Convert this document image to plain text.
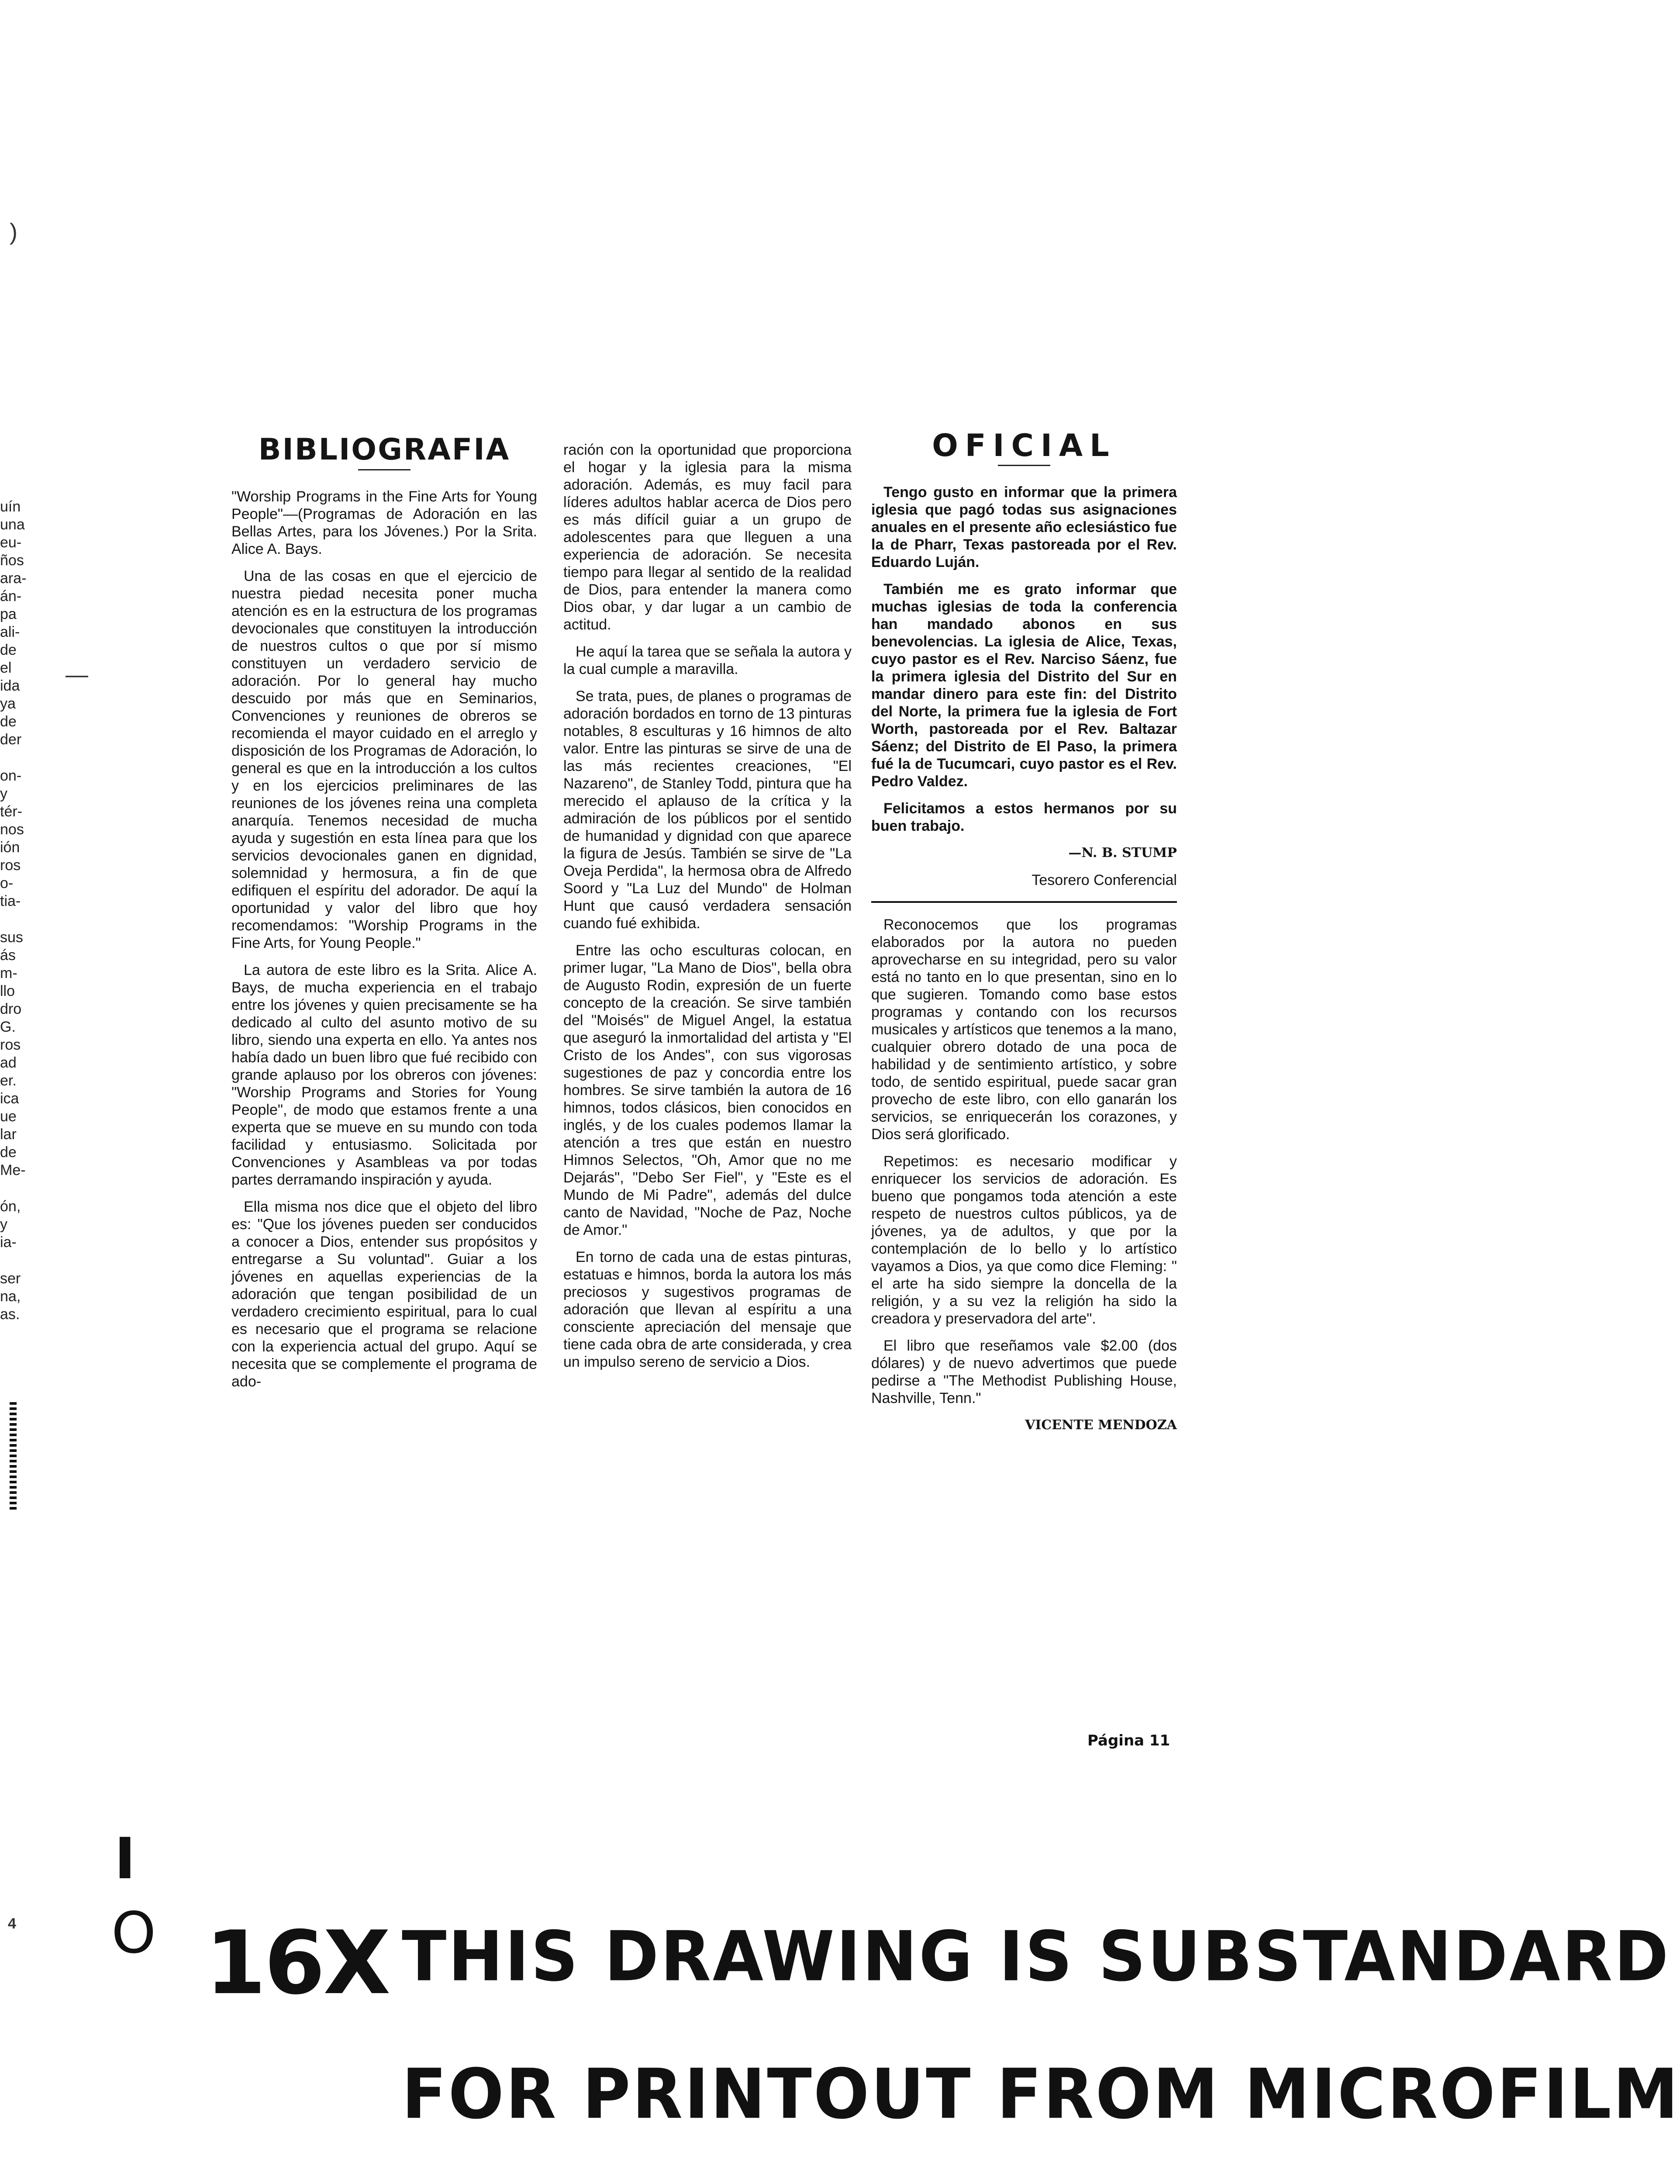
uín
una
eu-
ños
ara-
án-
pa
ali-
de
el
ida
ya
de
der
on-
y
tér-
nos
ión
ros
o-
tia-
sus
ás
m-
llo
dro
G.
ros
ad
er.
ica
ue
lar
de
Me-
ón,
y
ia-
ser
na,
as.
)
—
4
BIBLIOGRAFIA

"Worship Programs in the Fine Arts for Young People"—(Programas de Adoración en las Bellas Artes, para los Jóvenes.) Por la Srita. Alice A. Bays.

Una de las cosas en que el ejercicio de nuestra piedad necesita poner mucha atención es en la estructura de los programas devocionales que constituyen la introducción de nuestros cultos o que por sí mismo constituyen un verdadero servicio de adoración. Por lo general hay mucho descuido por más que en Seminarios, Convenciones y reuniones de obreros se recomienda el mayor cuidado en el arreglo y disposición de los Programas de Adoración, lo general es que en la introducción a los cultos y en los ejercicios preliminares de las reuniones de los jóvenes reina una completa anarquía. Tenemos necesidad de mucha ayuda y sugestión en esta línea para que los servicios devocionales ganen en dignidad, solemnidad y hermosura, a fin de que edifiquen el espíritu del adorador. De aquí la oportunidad y valor del libro que hoy recomendamos: "Worship Programs in the Fine Arts, for Young People."

La autora de este libro es la Srita. Alice A. Bays, de mucha experiencia en el trabajo entre los jóvenes y quien precisamente se ha dedicado al culto del asunto motivo de su libro, siendo una experta en ello. Ya antes nos había dado un buen libro que fué recibido con grande aplauso por los obreros con jóvenes: "Worship Programs and Stories for Young People", de modo que estamos frente a una experta que se mueve en su mundo con toda facilidad y entusiasmo. Solicitada por Convenciones y Asambleas va por todas partes derramando inspiración y ayuda.

Ella misma nos dice que el objeto del libro es: "Que los jóvenes pueden ser conducidos a conocer a Dios, entender sus propósitos y entregarse a Su voluntad". Guiar a los jóvenes en aquellas experiencias de la adoración que tengan posibilidad de un verdadero crecimiento espiritual, para lo cual es necesario que el programa se relacione con la experiencia actual del grupo. Aquí se necesita que se complemente el programa de ado-

ración con la oportunidad que proporciona el hogar y la iglesia para la misma adoración. Además, es muy facil para líderes adultos hablar acerca de Dios pero es más difícil guiar a un grupo de adolescentes para que lleguen a una experiencia de adoración. Se necesita tiempo para llegar al sentido de la realidad de Dios, para entender la manera como Dios obar, y dar lugar a un cambio de actitud.

He aquí la tarea que se señala la autora y la cual cumple a maravilla.

Se trata, pues, de planes o programas de adoración bordados en torno de 13 pinturas notables, 8 esculturas y 16 himnos de alto valor. Entre las pinturas se sirve de una de las más recientes creaciones, "El Nazareno", de Stanley Todd, pintura que ha merecido el aplauso de la crítica y la admiración de los públicos por el sentido de humanidad y dignidad con que aparece la figura de Jesús. También se sirve de "La Oveja Perdida", la hermosa obra de Alfredo Soord y "La Luz del Mundo" de Holman Hunt que causó verdadera sensación cuando fué exhibida.

Entre las ocho esculturas colocan, en primer lugar, "La Mano de Dios", bella obra de Augusto Rodin, expresión de un fuerte concepto de la creación. Se sirve también del "Moisés" de Miguel Angel, la estatua que aseguró la inmortalidad del artista y "El Cristo de los Andes", con sus vigorosas sugestiones de paz y concordia entre los hombres. Se sirve también la autora de 16 himnos, todos clásicos, bien conocidos en inglés, y de los cuales podemos llamar la atención a tres que están en nuestro Himnos Selectos, "Oh, Amor que no me Dejarás", "Debo Ser Fiel", y "Este es el Mundo de Mi Padre", además del dulce canto de Navidad, "Noche de Paz, Noche de Amor."

En torno de cada una de estas pinturas, estatuas e himnos, borda la autora los más preciosos y sugestivos programas de adoración que llevan al espíritu a una consciente apreciación del mensaje que tiene cada obra de arte considerada, y crea un impulso sereno de servicio a Dios.

OFICIAL

Tengo gusto en informar que la primera iglesia que pagó todas sus asignaciones anuales en el presente año eclesiástico fue la de Pharr, Texas pastoreada por el Rev. Eduardo Luján.

También me es grato informar que muchas iglesias de toda la conferencia han mandado abonos en sus benevolencias. La iglesia de Alice, Texas, cuyo pastor es el Rev. Narciso Sáenz, fue la primera iglesia del Distrito del Sur en mandar dinero para este fin: del Distrito del Norte, la primera fue la iglesia de Fort Worth, pastoreada por el Rev. Baltazar Sáenz; del Distrito de El Paso, la primera fué la de Tucumcari, cuyo pastor es el Rev. Pedro Valdez.

Felicitamos a estos hermanos por su buen trabajo.

—N. B. STUMP

Tesorero Conferencial

Reconocemos que los programas elaborados por la autora no pueden aprovecharse en su integridad, pero su valor está no tanto en lo que presentan, sino en lo que sugieren. Tomando como base estos programas y contando con los recursos musicales y artísticos que tenemos a la mano, cualquier obrero dotado de una poca de habilidad y de sentimiento artístico, y sobre todo, de sentido espiritual, puede sacar gran provecho de este libro, con ello ganarán los servicios, se enriquecerán los corazones, y Dios será glorificado.

Repetimos: es necesario modificar y enriquecer los servicios de adoración. Es bueno que pongamos toda atención a este respeto de nuestros cultos públicos, ya de jóvenes, ya de adultos, y que por la contemplación de lo bello y lo artístico vayamos a Dios, ya que como dice Fleming: " el arte ha sido siempre la doncella de la religión, y a su vez la religión ha sido la creadora y preservadora del arte".

El libro que reseñamos vale $2.00 (dos dólares) y de nuevo advertimos que puede pedirse a "The Methodist Publishing House, Nashville, Tenn."

VICENTE MENDOZA

Página 11
I
O 16X THIS DRAWING IS SUBSTANDARD
FOR PRINTOUT FROM MICROFILM
